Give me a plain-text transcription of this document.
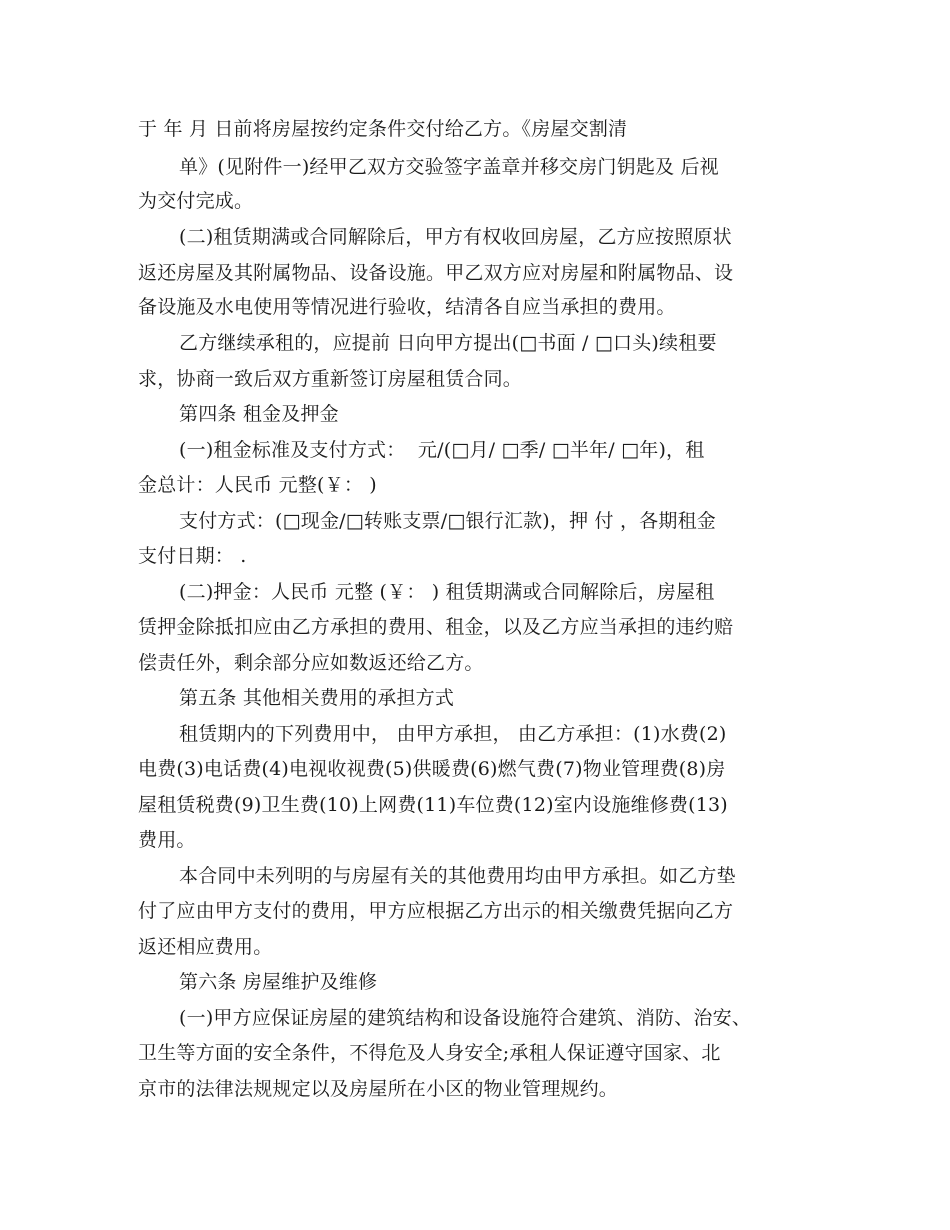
于 年 月 日前将房屋按约定条件交付给乙方。《房屋交割清
单》(见附件一)经甲乙双方交验签字盖章并移交房门钥匙及 后视
为交付完成。
(二)租赁期满或合同解除后，甲方有权收回房屋，乙方应按照原状
返还房屋及其附属物品、设备设施。甲乙双方应对房屋和附属物品、设
备设施及水电使用等情况进行验收，结清各自应当承担的费用。
乙方继续承租的，应提前 日向甲方提出(□书面 / □口头)续租要
求，协商一致后双方重新签订房屋租赁合同。
第四条 租金及押金
(一)租金标准及支付方式：  元/(□月/ □季/ □半年/ □年)，租
金总计：人民币 元整(￥： )
支付方式：(□现金/□转账支票/□银行汇款)，押 付 ，各期租金
支付日期： .
(二)押金：人民币 元整 (￥： ) 租赁期满或合同解除后，房屋租
赁押金除抵扣应由乙方承担的费用、租金，以及乙方应当承担的违约赔
偿责任外，剩余部分应如数返还给乙方。
第五条 其他相关费用的承担方式
租赁期内的下列费用中， 由甲方承担， 由乙方承担：(1)水费(2)
电费(3)电话费(4)电视收视费(5)供暖费(6)燃气费(7)物业管理费(8)房
屋租赁税费(9)卫生费(10)上网费(11)车位费(12)室内设施维修费(13)
费用。
本合同中未列明的与房屋有关的其他费用均由甲方承担。如乙方垫
付了应由甲方支付的费用，甲方应根据乙方出示的相关缴费凭据向乙方
返还相应费用。
第六条 房屋维护及维修
(一)甲方应保证房屋的建筑结构和设备设施符合建筑、消防、治安、
卫生等方面的安全条件，不得危及人身安全;承租人保证遵守国家、北
京市的法律法规规定以及房屋所在小区的物业管理规约。
